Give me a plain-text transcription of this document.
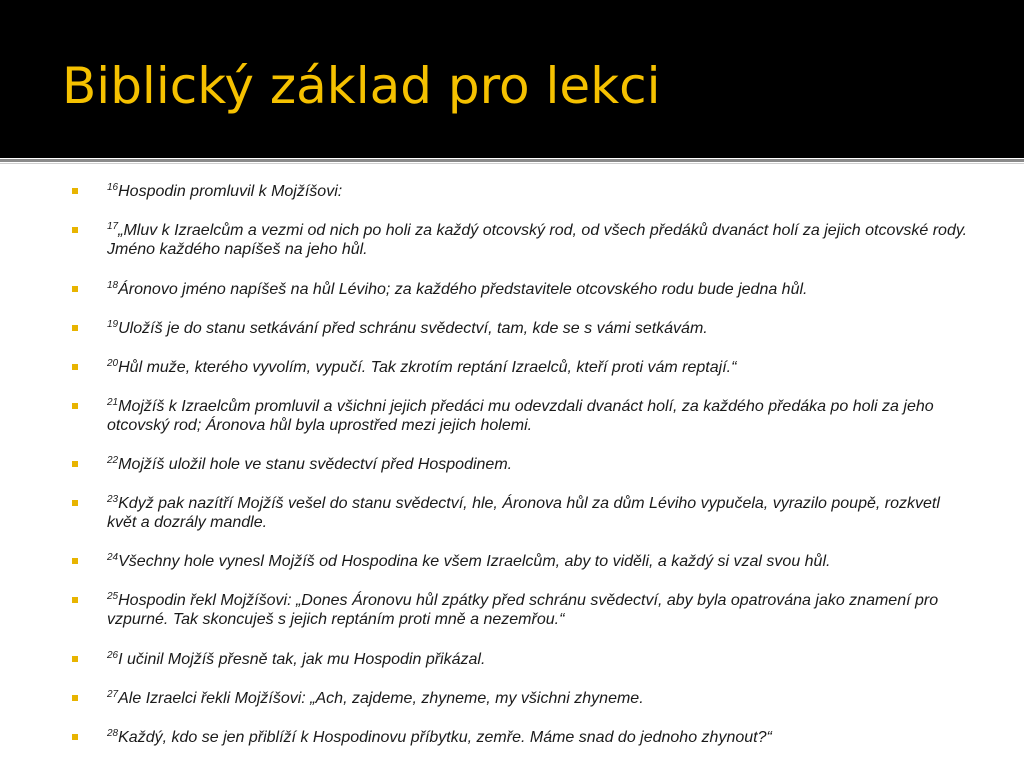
Biblický základ pro lekci
$^{16}$Hospodin promluvil k Mojžíšovi:
$^{17}$„Mluv k Izraelcům a vezmi od nich po holi za každý otcovský rod, od všech předáků dvanáct holí za jejich otcovské rody. Jméno každého napíšeš na jeho hůl.
$^{18}$Áronovo jméno napíšeš na hůl Léviho; za každého představitele otcovského rodu bude jedna hůl.
$^{19}$Uložíš je do stanu setkávání před schránu svědectví, tam, kde se s vámi setkávám.
$^{20}$Hůl muže, kterého vyvolím, vypučí. Tak zkrotím reptání Izraelců, kteří proti vám reptají.“
$^{21}$Mojžíš k Izraelcům promluvil a všichni jejich předáci mu odevzdali dvanáct holí, za každého předáka po holi za jeho otcovský rod; Áronova hůl byla uprostřed mezi jejich holemi.
$^{22}$Mojžíš uložil hole ve stanu svědectví před Hospodinem.
$^{23}$Když pak nazítří Mojžíš vešel do stanu svědectví, hle, Áronova hůl za dům Léviho vypučela, vyrazilo poupě, rozkvetl květ a dozrály mandle.
$^{24}$Všechny hole vynesl Mojžíš od Hospodina ke všem Izraelcům, aby to viděli, a každý si vzal svou hůl.
$^{25}$Hospodin řekl Mojžíšovi: „Dones Áronovu hůl zpátky před schránu svědectví, aby byla opatrována jako znamení pro vzpurné. Tak skoncuješ s jejich reptáním proti mně a nezemřou.“
$^{26}$I učinil Mojžíš přesně tak, jak mu Hospodin přikázal.
$^{27}$Ale Izraelci řekli Mojžíšovi: „Ach, zajdeme, zhyneme, my všichni zhyneme.
$^{28}$Každý, kdo se jen přiblíží k Hospodinovu příbytku, zemře. Máme snad do jednoho zhynout?“
